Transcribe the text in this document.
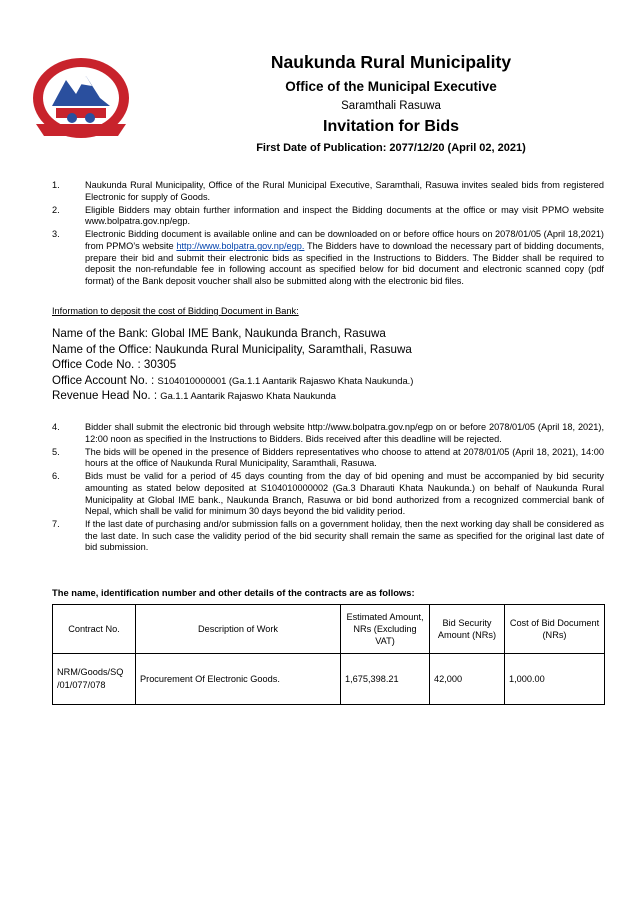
Naukunda Rural Municipality
Office of the Municipal Executive
Saramthali Rasuwa
Invitation for Bids
First Date of Publication: 2077/12/20 (April 02, 2021)
1.	Naukunda Rural Municipality, Office of the Rural Municipal Executive, Saramthali, Rasuwa invites sealed bids from registered Electronic for supply of Goods.
2.	Eligible Bidders may obtain further information and inspect the Bidding documents at the office or may visit PPMO website www.bolpatra.gov.np/egp.
3.	Electronic Bidding document is available online and can be downloaded on or before office hours on 2078/01/05 (April 18,2021) from PPMO’s website http://www.bolpatra.gov.np/egp. The Bidders have to download the necessary part of bidding documents, prepare their bid and submit their electronic bids as specified in the Instructions to Bidders. The Bidder shall be required to deposit the non-refundable fee in following account as specified below for bid document and electronic scanned copy (pdf format) of the Bank deposit voucher shall also be submitted along with the electronic bid files.
Information to deposit the cost of Bidding Document in Bank:
Name of the Bank: Global IME Bank, Naukunda Branch, Rasuwa
Name of the Office: Naukunda Rural Municipality, Saramthali, Rasuwa
Office Code No. : 30305
Office Account No. : S104010000001 (Ga.1.1 Aantarik Rajaswo Khata Naukunda.)
Revenue Head No. : Ga.1.1 Aantarik Rajaswo Khata Naukunda
4.	Bidder shall submit the electronic bid through website http://www.bolpatra.gov.np/egp on or before 2078/01/05 (April 18, 2021), 12:00 noon as specified in the Instructions to Bidders. Bids received after this deadline will be rejected.
5.	The bids will be opened in the presence of Bidders representatives who choose to attend at 2078/01/05 (April 18, 2021), 14:00 hours at the office of Naukunda Rural Municipality, Saramthali, Rasuwa.
6.	Bids must be valid for a period of 45 days counting from the day of bid opening and must be accompanied by bid security amounting as stated below deposited at S104010000002 (Ga.3 Dharauti Khata Naukunda.) on behalf of Naukunda Rural Municipality at Global IME bank., Naukunda Branch, Rasuwa or bid bond authorized from a recognized commercial bank of Nepal, which shall be valid for minimum 30 days beyond the bid validity period.
7.	If the last date of purchasing and/or submission falls on a government holiday, then the next working day shall be considered as the last date. In such case the validity period of the bid security shall remain the same as specified for the original last date of bid submission.
The name, identification number and other details of the contracts are as follows:
Contract No.	Description of Work	Estimated Amount, NRs (Excluding VAT)	Bid Security Amount (NRs)	Cost of Bid Document (NRs)
NRM/Goods/SQ /01/077/078	Procurement Of Electronic Goods.	1,675,398.21	42,000	1,000.00
